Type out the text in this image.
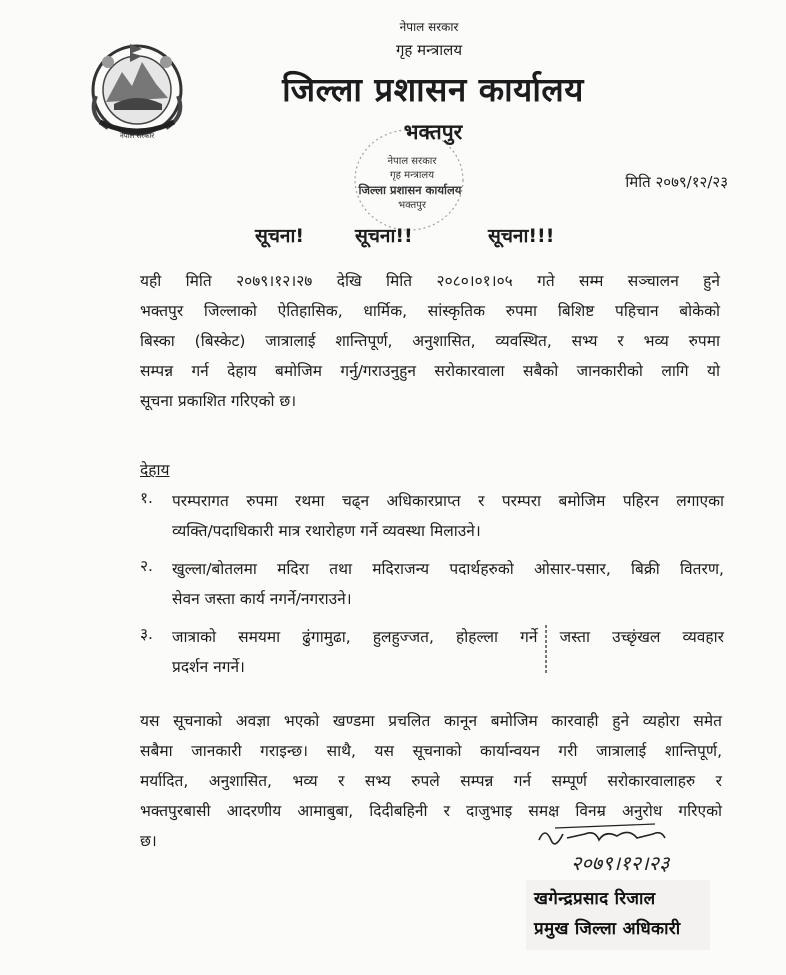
नेपाल सरकार
नेपाल सरकार
गृह मन्त्रालय
जिल्ला प्रशासन कार्यालय
भक्तपुर
नेपाल सरकार
गृह मन्त्रालय
जिल्ला प्रशासन कार्यालय
भक्तपुर
मिति २०७९/१२/२३
सूचना!	सूचना!!	सूचना!!!
यही मिति २०७९।१२।२७ देखि मिति २०८०।०१।०५ गते सम्म सञ्चालन हुने
भक्तपुर जिल्लाको ऐतिहासिक, धार्मिक, सांस्कृतिक रुपमा बिशिष्ट पहिचान बोकेको
बिस्का (बिस्केट) जात्रालाई शान्तिपूर्ण, अनुशासित, व्यवस्थित, सभ्य र भव्य रुपमा
सम्पन्न गर्न देहाय बमोजिम गर्नु/गराउनुहुन सरोकारवाला सबैको जानकारीको लागि यो
सूचना प्रकाशित गरिएको छ।
देहाय
१. परम्परागत रुपमा रथमा चढ्न अधिकारप्राप्त र परम्परा बमोजिम पहिरन लगाएका
व्यक्ति/पदाधिकारी मात्र रथारोहण गर्ने व्यवस्था मिलाउने।
२. खुल्ला/बोतलमा मदिरा तथा मदिराजन्य पदार्थहरुको ओसार-पसार, बिक्री वितरण,
सेवन जस्ता कार्य नगर्ने/नगराउने।
३. जात्राको समयमा ढुंगामुढा, हुलहुज्जत, होहल्ला गर्ने जस्ता उच्छृंखल व्यवहार
प्रदर्शन नगर्ने।
यस सूचनाको अवज्ञा भएको खण्डमा प्रचलित कानून बमोजिम कारवाही हुने व्यहोरा समेत
सबैमा जानकारी गराइन्छ। साथै, यस सूचनाको कार्यान्वयन गरी जात्रालाई शान्तिपूर्ण,
मर्यादित, अनुशासित, भव्य र सभ्य रुपले सम्पन्न गर्न सम्पूर्ण सरोकारवालाहरु र
भक्तपुरबासी आदरणीय आमाबुबा, दिदीबहिनी र दाजुभाइ समक्ष विनम्र अनुरोध गरिएको
छ।
२०७९।१२।२३
खगेन्द्रप्रसाद रिजाल
प्रमुख जिल्ला अधिकारी
